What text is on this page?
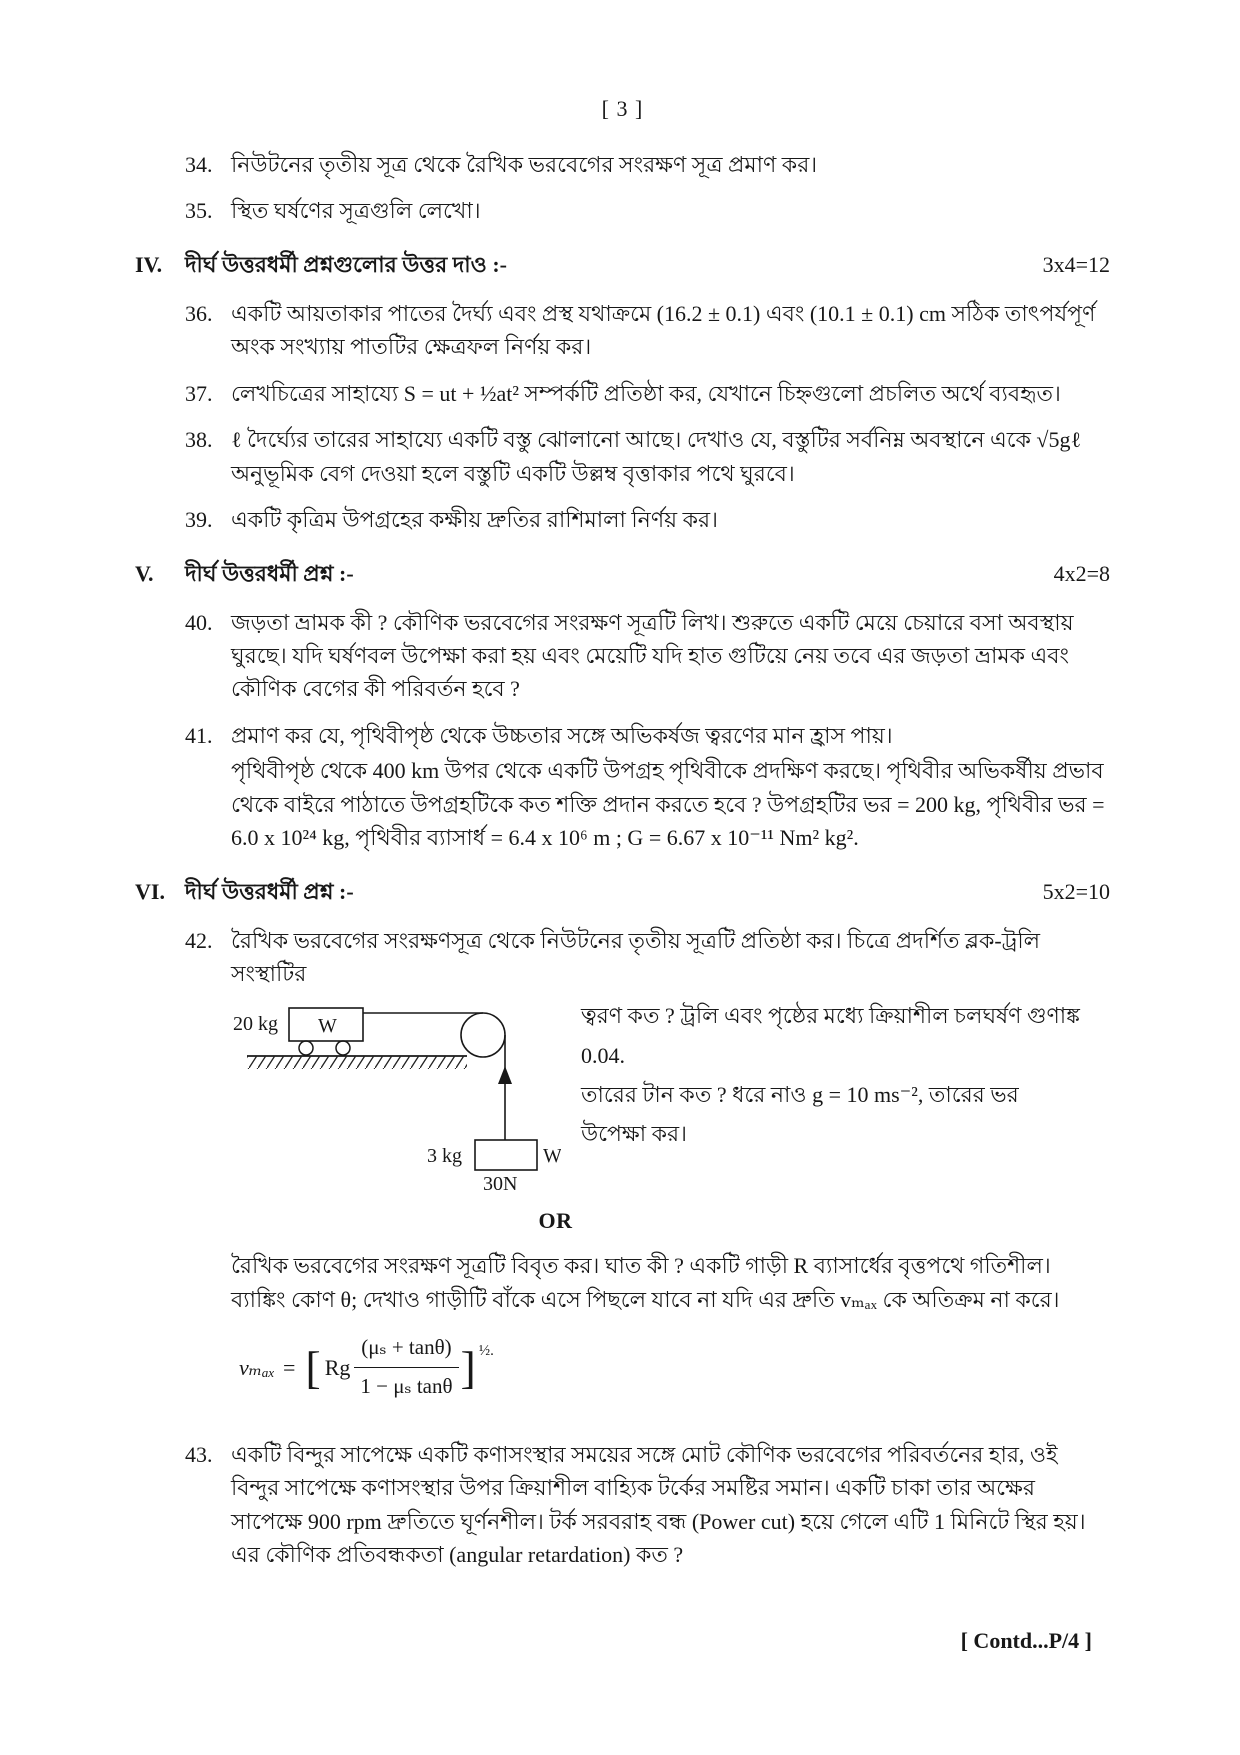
[ 3 ]
34. নিউটনের তৃতীয় সূত্র থেকে রৈখিক ভরবেগের সংরক্ষণ সূত্র প্রমাণ কর।
35. স্থিত ঘর্ষণের সূত্রগুলি লেখো।
IV.	দীর্ঘ উত্তরধর্মী প্রশ্নগুলোর উত্তর দাও :-	3x4=12
36. একটি আয়তাকার পাতের দৈর্ঘ্য এবং প্রস্থ যথাক্রমে (16.2 ± 0.1) এবং (10.1 ± 0.1) cm সঠিক তাৎপর্যপূর্ণ অংক সংখ্যায় পাতটির ক্ষেত্রফল নির্ণয় কর।
37. লেখচিত্রের সাহায্যে S = ut + ½at² সম্পর্কটি প্রতিষ্ঠা কর, যেখানে চিহ্নগুলো প্রচলিত অর্থে ব্যবহৃত।
38. ℓ দৈর্ঘ্যের তারের সাহায্যে একটি বস্তু ঝোলানো আছে। দেখাও যে, বস্তুটির সর্বনিম্ন অবস্থানে একে √5gℓ অনুভূমিক বেগ দেওয়া হলে বস্তুটি একটি উল্লম্ব বৃত্তাকার পথে ঘুরবে।
39. একটি কৃত্রিম উপগ্রহের কক্ষীয় দ্রুতির রাশিমালা নির্ণয় কর।
V.	দীর্ঘ উত্তরধর্মী প্রশ্ন :-	4x2=8
40. জড়তা ভ্রামক কী ? কৌণিক ভরবেগের সংরক্ষণ সূত্রটি লিখ। শুরুতে একটি মেয়ে চেয়ারে বসা অবস্থায় ঘুরছে। যদি ঘর্ষণবল উপেক্ষা করা হয় এবং মেয়েটি যদি হাত গুটিয়ে নেয় তবে এর জড়তা ভ্রামক এবং কৌণিক বেগের কী পরিবর্তন হবে ?
41. প্রমাণ কর যে, পৃথিবীপৃষ্ঠ থেকে উচ্চতার সঙ্গে অভিকর্ষজ ত্বরণের মান হ্রাস পায়।
পৃথিবীপৃষ্ঠ থেকে 400 km উপর থেকে একটি উপগ্রহ পৃথিবীকে প্রদক্ষিণ করছে। পৃথিবীর অভিকর্ষীয় প্রভাব থেকে বাইরে পাঠাতে উপগ্রহটিকে কত শক্তি প্রদান করতে হবে ? উপগ্রহটির ভর = 200 kg, পৃথিবীর ভর = 6.0 x 10²⁴ kg, পৃথিবীর ব্যাসার্ধ = 6.4 x 10⁶ m ; G = 6.67 x 10⁻¹¹ Nm² kg².
VI. দীর্ঘ উত্তরধর্মী প্রশ্ন :-	5x2=10
42. রৈখিক ভরবেগের সংরক্ষণসূত্র থেকে নিউটনের তৃতীয় সূত্রটি প্রতিষ্ঠা কর। চিত্রে প্রদর্শিত ব্লক-ট্রলি সংস্থাটির
20 kg W
3 kg	W
30N
ত্বরণ কত ? ট্রলি এবং পৃষ্ঠের মধ্যে ক্রিয়াশীল চলঘর্ষণ গুণাঙ্ক
0.04.
তারের টান কত ? ধরে নাও g = 10 ms⁻², তারের ভর
উপেক্ষা কর।
OR
রৈখিক ভরবেগের সংরক্ষণ সূত্রটি বিবৃত কর। ঘাত কী ? একটি গাড়ী R ব্যাসার্ধের বৃত্তপথে গতিশীল। ব্যাঙ্কিং কোণ θ; দেখাও গাড়ীটি বাঁকে এসে পিছলে যাবে না যদি এর দ্রুতি vₘₐₓ কে অতিক্রম না করে।
vₘₐₓ = [ Rg $\frac{\text{(μₛ + tanθ)}}{\text{1 − μₛ tanθ}}$ ] ½.
43. একটি বিন্দুর সাপেক্ষে একটি কণাসংস্থার সময়ের সঙ্গে মোট কৌণিক ভরবেগের পরিবর্তনের হার, ওই বিন্দুর সাপেক্ষে কণাসংস্থার উপর ক্রিয়াশীল বাহ্যিক টর্কের সমষ্টির সমান। একটি চাকা তার অক্ষের সাপেক্ষে 900 rpm দ্রুতিতে ঘূর্ণনশীল। টর্ক সরবরাহ বন্ধ (Power cut) হয়ে গেলে এটি 1 মিনিটে স্থির হয়। এর কৌণিক প্রতিবন্ধকতা (angular retardation) কত ?
[ Contd...P/4 ]
